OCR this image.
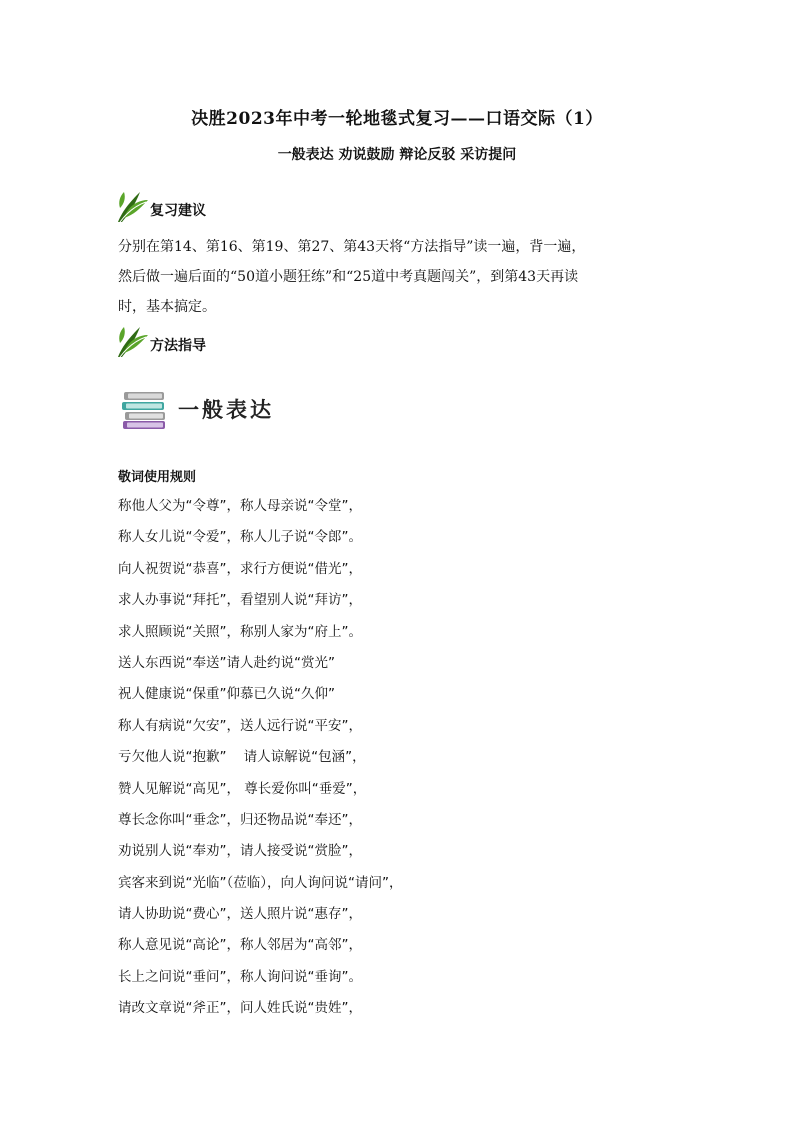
决胜2023年中考一轮地毯式复习——口语交际（1）
一般表达 劝说鼓励 辩论反驳 采访提问
复习建议

分别在第14、第16、第19、第27、第43天将“方法指导”读一遍，背一遍，

然后做一遍后面的“50道小题狂练”和“25道中考真题闯关”，到第43天再读

时，基本搞定。

方法指导
一般表达
敬词使用规则
称他人父为“令尊”，称人母亲说“令堂”，
称人女儿说“令爱”，称人儿子说“令郎”。
向人祝贺说“恭喜”，求行方便说“借光”，
求人办事说“拜托”，看望别人说“拜访”，
求人照顾说“关照”，称别人家为“府上”。
送人东西说“奉送”请人赴约说“赏光”
祝人健康说“保重”仰慕已久说“久仰”
称人有病说“欠安”，送人远行说“平安”，
亏欠他人说“抱歉”    请人谅解说“包涵”，
赞人见解说“高见”， 尊长爱你叫“垂爱”，
尊长念你叫“垂念”，归还物品说“奉还”，
劝说别人说“奉劝”，请人接受说“赏脸”，
宾客来到说“光临”（莅临），向人询问说“请问”，
请人协助说“费心”，送人照片说“惠存”，
称人意见说“高论”，称人邻居为“高邻”，
长上之问说“垂问”，称人询问说“垂询”。
请改文章说“斧正”，问人姓氏说“贵姓”，
